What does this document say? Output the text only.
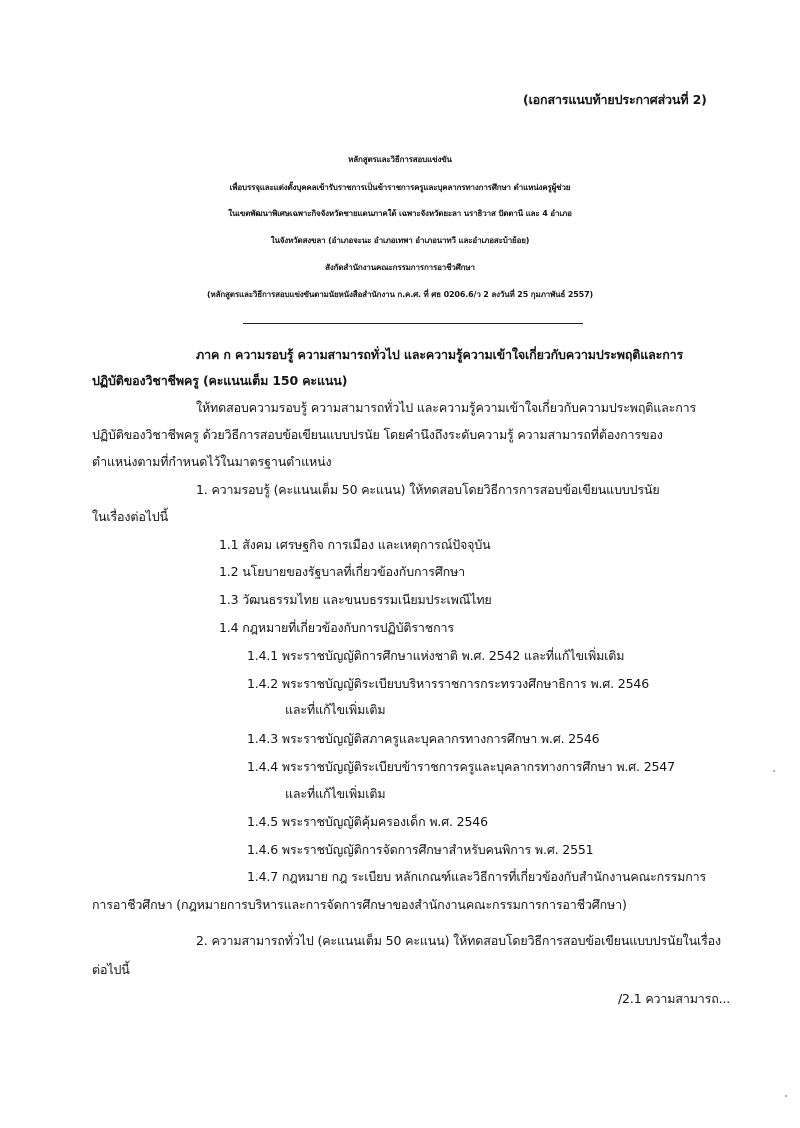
(เอกสารแนบท้ายประกาศส่วนที่ 2)
หลักสูตรและวิธีการสอบแข่งขัน
เพื่อบรรจุและแต่งตั้งบุคคลเข้ารับราชการเป็นข้าราชการครูและบุคลากรทางการศึกษา ตำแหน่งครูผู้ช่วย
ในเขตพัฒนาพิเศษเฉพาะกิจจังหวัดชายแดนภาคใต้ เฉพาะจังหวัดยะลา นราธิวาส ปัตตานี และ 4 อำเภอ
ในจังหวัดสงขลา (อำเภอจะนะ อำเภอเทพา อำเภอนาทวี และอำเภอสะบ้าย้อย)
สังกัดสำนักงานคณะกรรมการการอาชีวศึกษา
(หลักสูตรและวิธีการสอบแข่งขันตามนัยหนังสือสำนักงาน ก.ค.ศ. ที่ ศธ 0206.6/ว 2 ลงวันที่ 25 กุมภาพันธ์ 2557)
ภาค ก ความรอบรู้ ความสามารถทั่วไป และความรู้ความเข้าใจเกี่ยวกับความประพฤติและการ
ปฏิบัติของวิชาชีพครู (คะแนนเต็ม 150 คะแนน)
ให้ทดสอบความรอบรู้ ความสามารถทั่วไป และความรู้ความเข้าใจเกี่ยวกับความประพฤติและการ
ปฏิบัติของวิชาชีพครู ด้วยวิธีการสอบข้อเขียนแบบปรนัย โดยคำนึงถึงระดับความรู้ ความสามารถที่ต้องการของ
ตำแหน่งตามที่กำหนดไว้ในมาตรฐานตำแหน่ง
1. ความรอบรู้ (คะแนนเต็ม 50 คะแนน) ให้ทดสอบโดยวิธีการการสอบข้อเขียนแบบปรนัย
ในเรื่องต่อไปนี้
1.1 สังคม เศรษฐกิจ การเมือง และเหตุการณ์ปัจจุบัน
1.2 นโยบายของรัฐบาลที่เกี่ยวข้องกับการศึกษา
1.3 วัฒนธรรมไทย และขนบธรรมเนียมประเพณีไทย
1.4 กฎหมายที่เกี่ยวข้องกับการปฏิบัติราชการ
1.4.1 พระราชบัญญัติการศึกษาแห่งชาติ พ.ศ. 2542 และที่แก้ไขเพิ่มเติม
1.4.2 พระราชบัญญัติระเบียบบริหารราชการกระทรวงศึกษาธิการ พ.ศ. 2546
และที่แก้ไขเพิ่มเติม
1.4.3 พระราชบัญญัติสภาครูและบุคลากรทางการศึกษา พ.ศ. 2546
1.4.4 พระราชบัญญัติระเบียบข้าราชการครูและบุคลากรทางการศึกษา พ.ศ. 2547
และที่แก้ไขเพิ่มเติม
1.4.5 พระราชบัญญัติคุ้มครองเด็ก พ.ศ. 2546
1.4.6 พระราชบัญญัติการจัดการศึกษาสำหรับคนพิการ พ.ศ. 2551
1.4.7 กฎหมาย กฎ ระเบียบ หลักเกณฑ์และวิธีการที่เกี่ยวข้องกับสำนักงานคณะกรรมการ
การอาชีวศึกษา (กฎหมายการบริหารและการจัดการศึกษาของสำนักงานคณะกรรมการการอาชีวศึกษา)
2. ความสามารถทั่วไป (คะแนนเต็ม 50 คะแนน) ให้ทดสอบโดยวิธีการสอบข้อเขียนแบบปรนัยในเรื่อง
ต่อไปนี้
/2.1 ความสามารถ...
